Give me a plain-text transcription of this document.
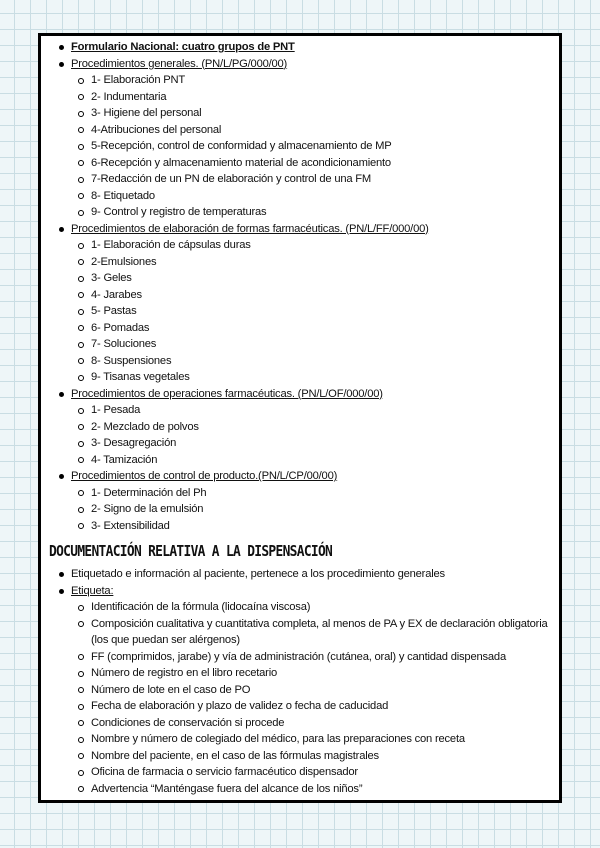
Formulario Nacional: cuatro grupos de PNT
Procedimientos generales. (PN/L/PG/000/00)
1- Elaboración PNT
2- Indumentaria
3- Higiene del personal
4-Atribuciones del personal
5-Recepción, control de conformidad y almacenamiento de MP
6-Recepción y almacenamiento material de acondicionamiento
7-Redacción de un PN de elaboración y control de una FM
8- Etiquetado
9- Control y registro de temperaturas
Procedimientos de elaboración de formas farmacéuticas. (PN/L/FF/000/00)
1- Elaboración de cápsulas duras
2-Emulsiones
3- Geles
4- Jarabes
5- Pastas
6- Pomadas
7- Soluciones
8- Suspensiones
9- Tisanas vegetales
Procedimientos de operaciones farmacéuticas. (PN/L/OF/000/00)
1- Pesada
2- Mezclado de polvos
3- Desagregación
4- Tamización
Procedimientos de control de producto.(PN/L/CP/00/00)
1- Determinación del Ph
2- Signo de la emulsión
3- Extensibilidad
DOCUMENTACIÓN RELATIVA A LA DISPENSACIÓN
Etiquetado e información al paciente, pertenece a los procedimiento generales
Etiqueta:
Identificación de la fórmula (lidocaína viscosa)
Composición cualitativa y cuantitativa completa, al menos de PA y EX de declaración obligatoria (los que puedan ser alérgenos)
FF (comprimidos, jarabe) y vía de administración (cutánea, oral) y cantidad dispensada
Número de registro en el libro recetario
Número de lote en el caso de PO
Fecha de elaboración y plazo de validez o fecha de caducidad
Condiciones de conservación si procede
Nombre y número de colegiado del médico, para las preparaciones con receta
Nombre del paciente, en el caso de las fórmulas magistrales
Oficina de farmacia o servicio farmacéutico dispensador
Advertencia “Manténgase fuera del alcance de los niños”
